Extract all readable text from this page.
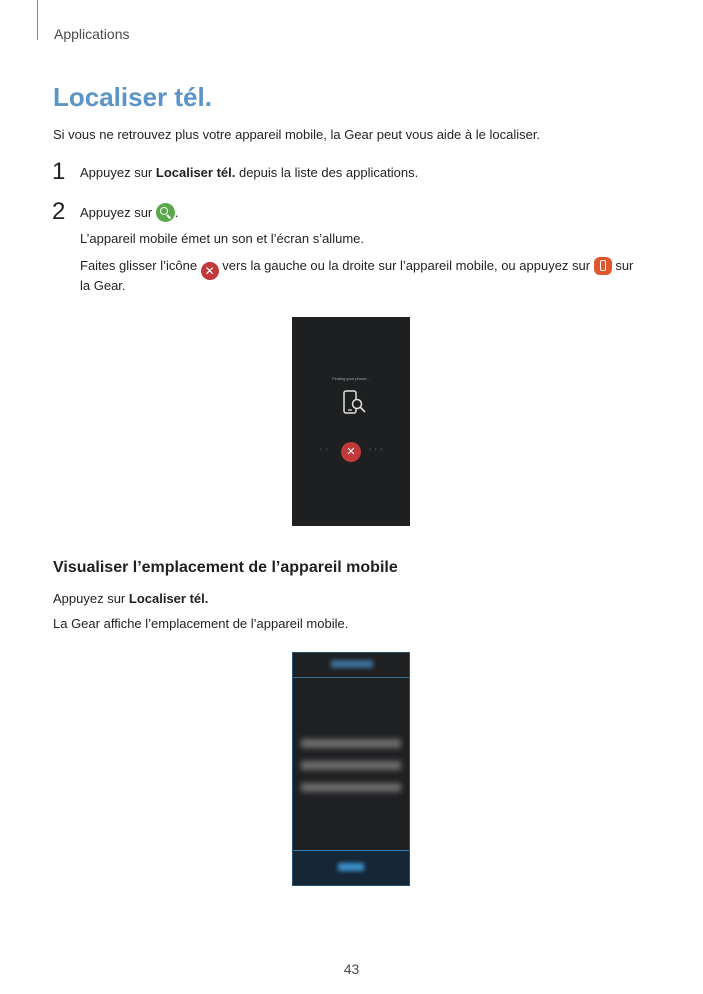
Applications
Localiser tél.
Si vous ne retrouvez plus votre appareil mobile, la Gear peut vous aide à le localiser.
1 Appuyez sur Localiser tél. depuis la liste des applications.
2 Appuyez sur .
L’appareil mobile émet un son et l’écran s’allume.
Faites glisser l’icône ✕ vers la gauche ou la droite sur l’appareil mobile, ou appuyez sur  sur
la Gear.
Finding your phone...
‹ ‹	✕	› › ›
Visualiser l’emplacement de l’appareil mobile
Appuyez sur Localiser tél.
La Gear affiche l’emplacement de l’appareil mobile.
43
